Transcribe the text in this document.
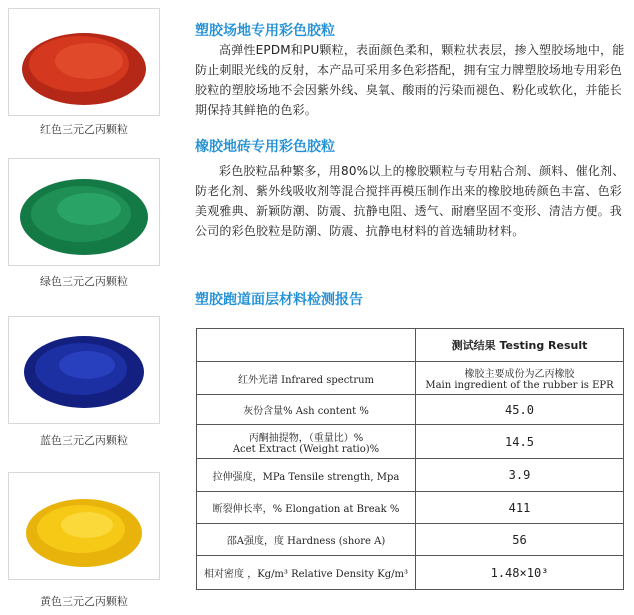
红色三元乙丙颗粒
绿色三元乙丙颗粒
蓝色三元乙丙颗粒
黄色三元乙丙颗粒
塑胶场地专用彩色胶粒
高弹性EPDM和PU颗粒，表面颜色柔和，颗粒状表层，掺入塑胶场地中，能防止刺眼光线的反射，本产品可采用多色彩搭配，拥有宝力牌塑胶场地专用彩色胶粒的塑胶场地不会因紫外线、臭氧、酸雨的污染而褪色、粉化或软化，并能长期保持其鲜艳的色彩。
橡胶地砖专用彩色胶粒
彩色胶粒品种繁多，用80%以上的橡胶颗粒与专用粘合剂、颜料、催化剂、防老化剂、紫外线吸收剂等混合搅拌再模压制作出来的橡胶地砖颜色丰富、色彩美观雅典、新颖防潮、防震、抗静电阻、透气、耐磨坚固不变形、清洁方便。我公司的彩色胶粒是防潮、防震、抗静电材料的首选辅助材料。
塑胶跑道面层材料检测报告
	测试结果 Testing Result
红外光谱 Infrared spectrum	橡胶主要成份为乙丙橡胶
Main ingredient of the rubber is EPR

灰份含量% Ash content %	45.0

丙酮抽提物，（重量比）%
Acet Extract (Weight ratio)%	14.5
拉伸强度，MPa Tensile strength, Mpa	3.9
断裂伸长率，% Elongation at Break %	411
邵A强度，度 Hardness (shore A)	56
相对密度 ，Kg/m³ Relative Density Kg/m³	1.48×10³
